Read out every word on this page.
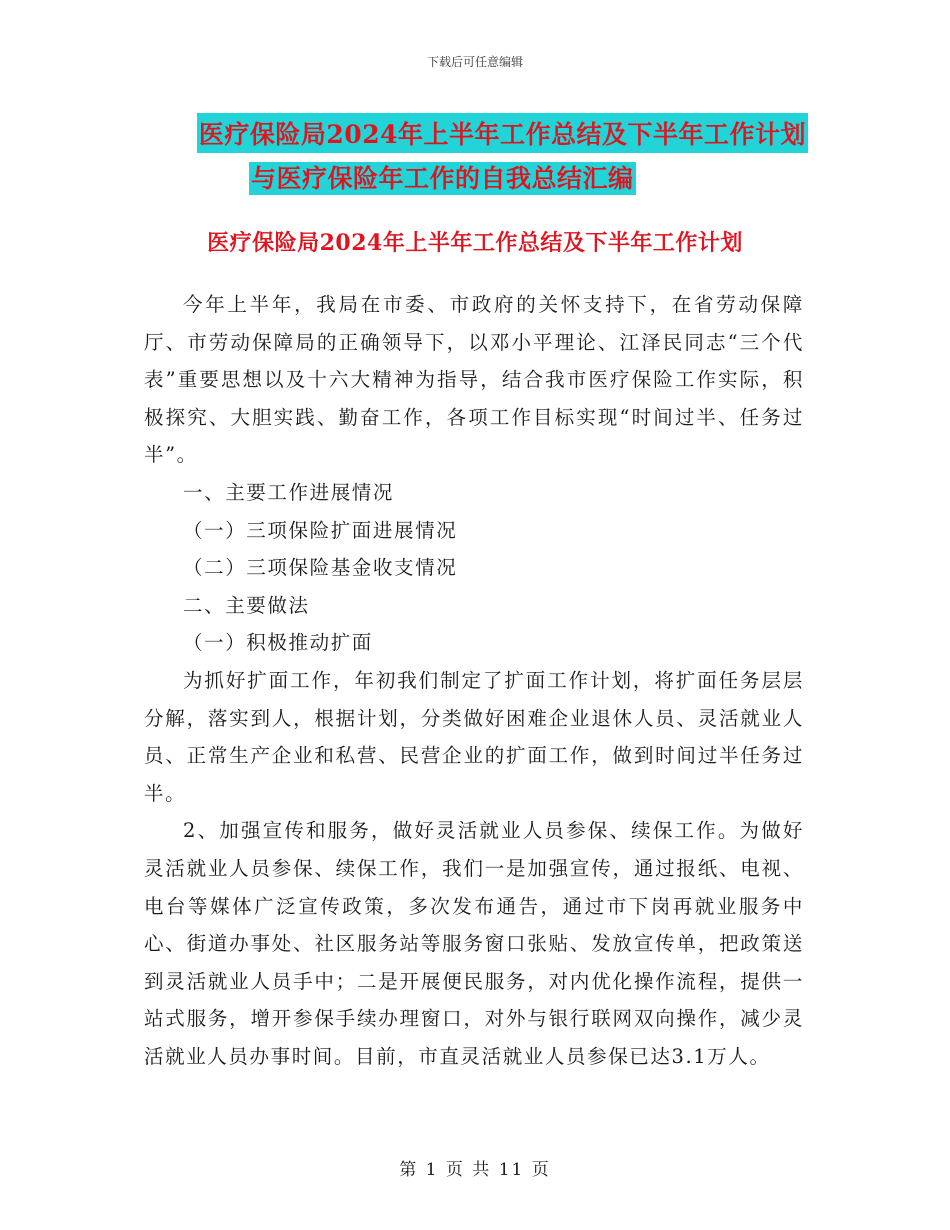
下载后可任意编辑
医疗保险局2024年上半年工作总结及下半年工作计划
与医疗保险年工作的自我总结汇编
医疗保险局2024年上半年工作总结及下半年工作计划

今年上半年，我局在市委、市政府的关怀支持下，在省劳动保障厅、市劳动保障局的正确领导下，以邓小平理论、江泽民同志“三个代表”重要思想以及十六大精神为指导，结合我市医疗保险工作实际，积极探究、大胆实践、勤奋工作，各项工作目标实现“时间过半、任务过半”。

一、主要工作进展情况

（一）三项保险扩面进展情况

（二）三项保险基金收支情况

二、主要做法

（一）积极推动扩面

为抓好扩面工作，年初我们制定了扩面工作计划，将扩面任务层层分解，落实到人，根据计划，分类做好困难企业退休人员、灵活就业人员、正常生产企业和私营、民营企业的扩面工作，做到时间过半任务过半。

2、加强宣传和服务，做好灵活就业人员参保、续保工作。为做好灵活就业人员参保、续保工作，我们一是加强宣传，通过报纸、电视、电台等媒体广泛宣传政策，多次发布通告，通过市下岗再就业服务中心、街道办事处、社区服务站等服务窗口张贴、发放宣传单，把政策送到灵活就业人员手中；二是开展便民服务，对内优化操作流程，提供一站式服务，增开参保手续办理窗口，对外与银行联网双向操作，减少灵活就业人员办事时间。目前，市直灵活就业人员参保已达3.1万人。

第 1 页 共 11 页
